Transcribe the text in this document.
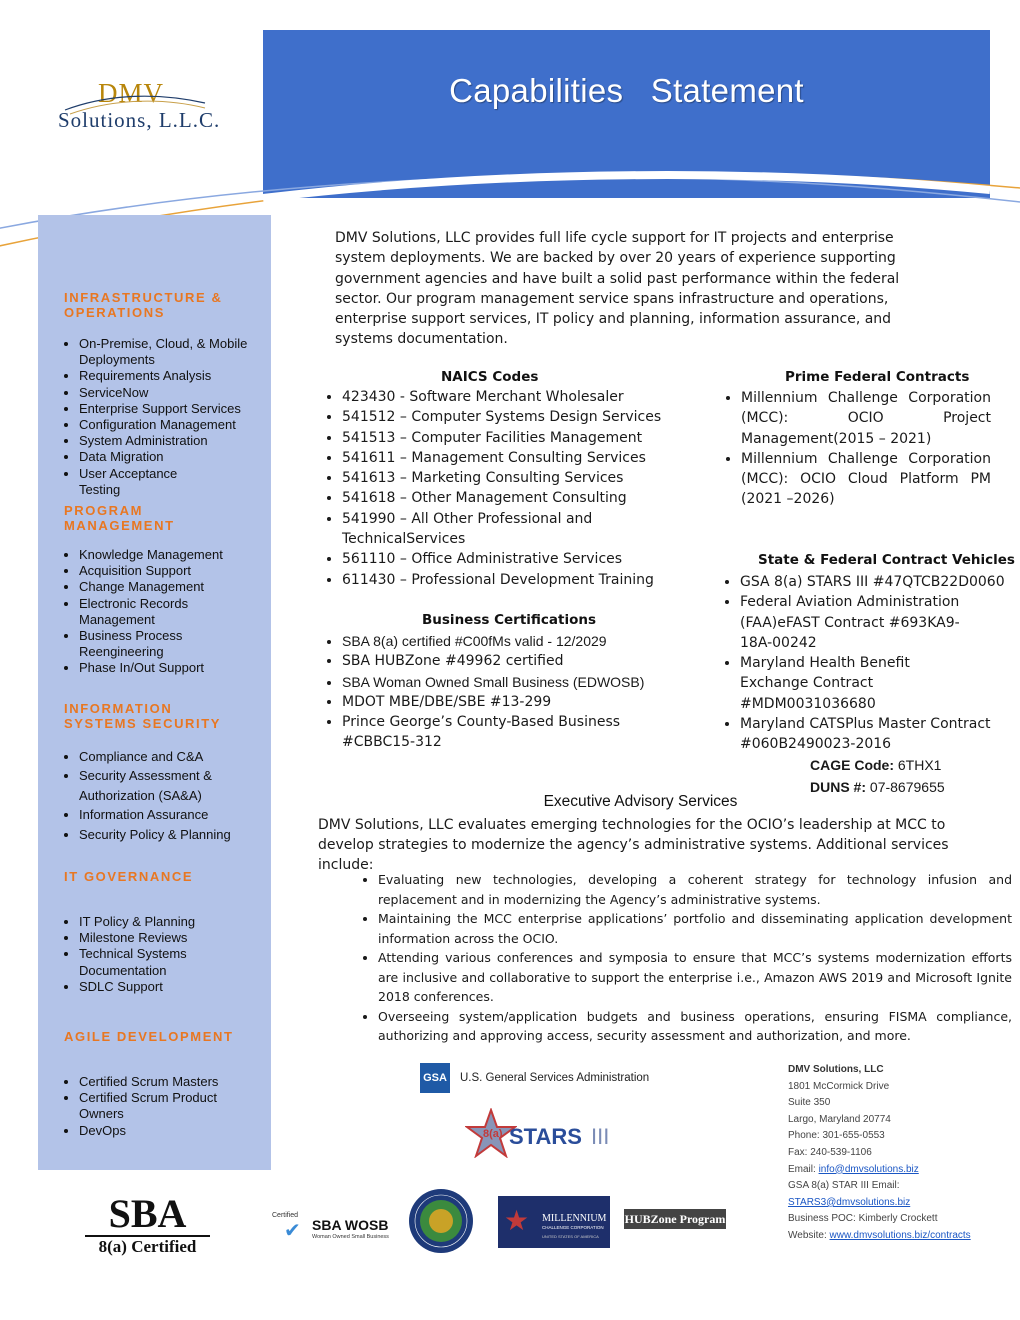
Capabilities Statement
DMV
Solutions, L.L.C.
INFRASTRUCTURE & OPERATIONS
• On-Premise, Cloud, & Mobile Deployments
• Requirements Analysis
• ServiceNow
• Enterprise Support Services
• Configuration Management
• System Administration
• Data Migration
• User Acceptance Testing
PROGRAM MANAGEMENT
• Knowledge Management
• Acquisition Support
• Change Management
• Electronic Records Management
• Business Process Reengineering
• Phase In/Out Support
INFORMATION SYSTEMS SECURITY
• Compliance and C&A
• Security Assessment & Authorization (SA&A)
• Information Assurance
• Security Policy & Planning
IT GOVERNANCE
• IT Policy & Planning
• Milestone Reviews
• Technical Systems Documentation
• SDLC Support
AGILE DEVELOPMENT
• Certified Scrum Masters
• Certified Scrum Product Owners
• DevOps
DMV Solutions, LLC provides full life cycle support for IT projects and enterprise system deployments. We are backed by over 20 years of experience supporting government agencies and have built a solid past performance within the federal sector. Our program management service spans infrastructure and operations, enterprise support services, IT policy and planning, information assurance, and systems documentation.
NAICS Codes
• 423430 - Software Merchant Wholesaler
• 541512 – Computer Systems Design Services
• 541513 – Computer Facilities Management
• 541611 – Management Consulting Services
• 541613 – Marketing Consulting Services
• 541618 – Other Management Consulting
• 541990 – All Other Professional and TechnicalServices
• 561110 – Office Administrative Services
• 611430 – Professional Development Training
Business Certifications
• SBA 8(a) certified #C00fMs valid - 12/2029
• SBA HUBZone #49962 certified
• SBA Woman Owned Small Business (EDWOSB)
• MDOT MBE/DBE/SBE #13-299
• Prince George’s County-Based Business #CBBC15-312
Prime Federal Contracts
• Millennium Challenge Corporation (MCC): OCIO Project Management(2015 – 2021)
• Millennium Challenge Corporation (MCC): OCIO Cloud Platform PM (2021 –2026)
State & Federal Contract Vehicles
• GSA 8(a) STARS III #47QTCB22D0060
• Federal Aviation Administration (FAA)eFAST Contract #693KA9-18A-00242
• Maryland Health Benefit Exchange Contract #MDM0031036680
• Maryland CATSPlus Master Contract #060B2490023-2016
CAGE Code: 6THX1
DUNS #: 07-8679655
Executive Advisory Services
DMV Solutions, LLC evaluates emerging technologies for the OCIO’s leadership at MCC to develop strategies to modernize the agency’s administrative systems. Additional services include:
• Evaluating new technologies, developing a coherent strategy for technology infusion and replacement and in modernizing the Agency’s administrative systems.
• Maintaining the MCC enterprise applications’ portfolio and disseminating application development information across the OCIO.
• Attending various conferences and symposia to ensure that MCC’s systems modernization efforts are inclusive and collaborative to support the enterprise i.e., Amazon AWS 2019 and Microsoft Ignite 2018 conferences.
• Overseeing system/application budgets and business operations, ensuring FISMA compliance, authorizing and approving access, security assessment and authorization, and more.
GSA U.S. General Services Administration
8(a) STARS III
SBA
8(a) Certified
Certified
✔ SBA WOSB
Woman Owned Small Business
★ MILLENNIUM
CHALLENGE CORPORATION
UNITED STATES OF AMERICA
HUBZone Program
DMV Solutions, LLC
1801 McCormick Drive
Suite 350
Largo, Maryland 20774
Phone: 301-655-0553
Fax: 240-539-1106
Email: info@dmvsolutions.biz
GSA 8(a) STAR III Email:
STARS3@dmvsolutions.biz
Business POC: Kimberly Crockett
Website: www.dmvsolutions.biz/contracts
